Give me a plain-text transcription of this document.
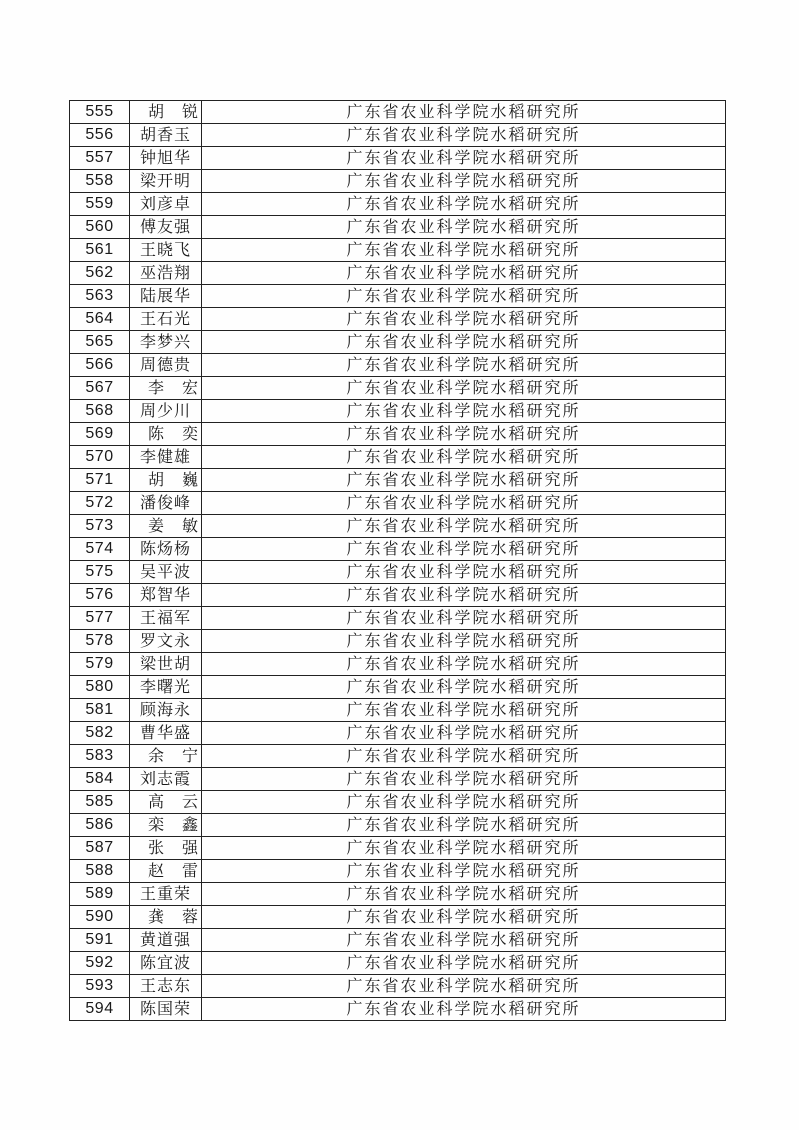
555	胡锐	广东省农业科学院水稻研究所
556	胡香玉	广东省农业科学院水稻研究所
557	钟旭华	广东省农业科学院水稻研究所
558	梁开明	广东省农业科学院水稻研究所
559	刘彦卓	广东省农业科学院水稻研究所
560	傅友强	广东省农业科学院水稻研究所
561	王晓飞	广东省农业科学院水稻研究所
562	巫浩翔	广东省农业科学院水稻研究所
563	陆展华	广东省农业科学院水稻研究所
564	王石光	广东省农业科学院水稻研究所
565	李梦兴	广东省农业科学院水稻研究所
566	周德贵	广东省农业科学院水稻研究所
567	李宏	广东省农业科学院水稻研究所
568	周少川	广东省农业科学院水稻研究所
569	陈奕	广东省农业科学院水稻研究所
570	李健雄	广东省农业科学院水稻研究所
571	胡巍	广东省农业科学院水稻研究所
572	潘俊峰	广东省农业科学院水稻研究所
573	姜敏	广东省农业科学院水稻研究所
574	陈炀杨	广东省农业科学院水稻研究所
575	吴平波	广东省农业科学院水稻研究所
576	郑智华	广东省农业科学院水稻研究所
577	王福军	广东省农业科学院水稻研究所
578	罗文永	广东省农业科学院水稻研究所
579	梁世胡	广东省农业科学院水稻研究所
580	李曙光	广东省农业科学院水稻研究所
581	顾海永	广东省农业科学院水稻研究所
582	曹华盛	广东省农业科学院水稻研究所
583	余宁	广东省农业科学院水稻研究所
584	刘志霞	广东省农业科学院水稻研究所
585	高云	广东省农业科学院水稻研究所
586	栾鑫	广东省农业科学院水稻研究所
587	张强	广东省农业科学院水稻研究所
588	赵雷	广东省农业科学院水稻研究所
589	王重荣	广东省农业科学院水稻研究所
590	龚蓉	广东省农业科学院水稻研究所
591	黄道强	广东省农业科学院水稻研究所
592	陈宜波	广东省农业科学院水稻研究所
593	王志东	广东省农业科学院水稻研究所
594	陈国荣	广东省农业科学院水稻研究所
